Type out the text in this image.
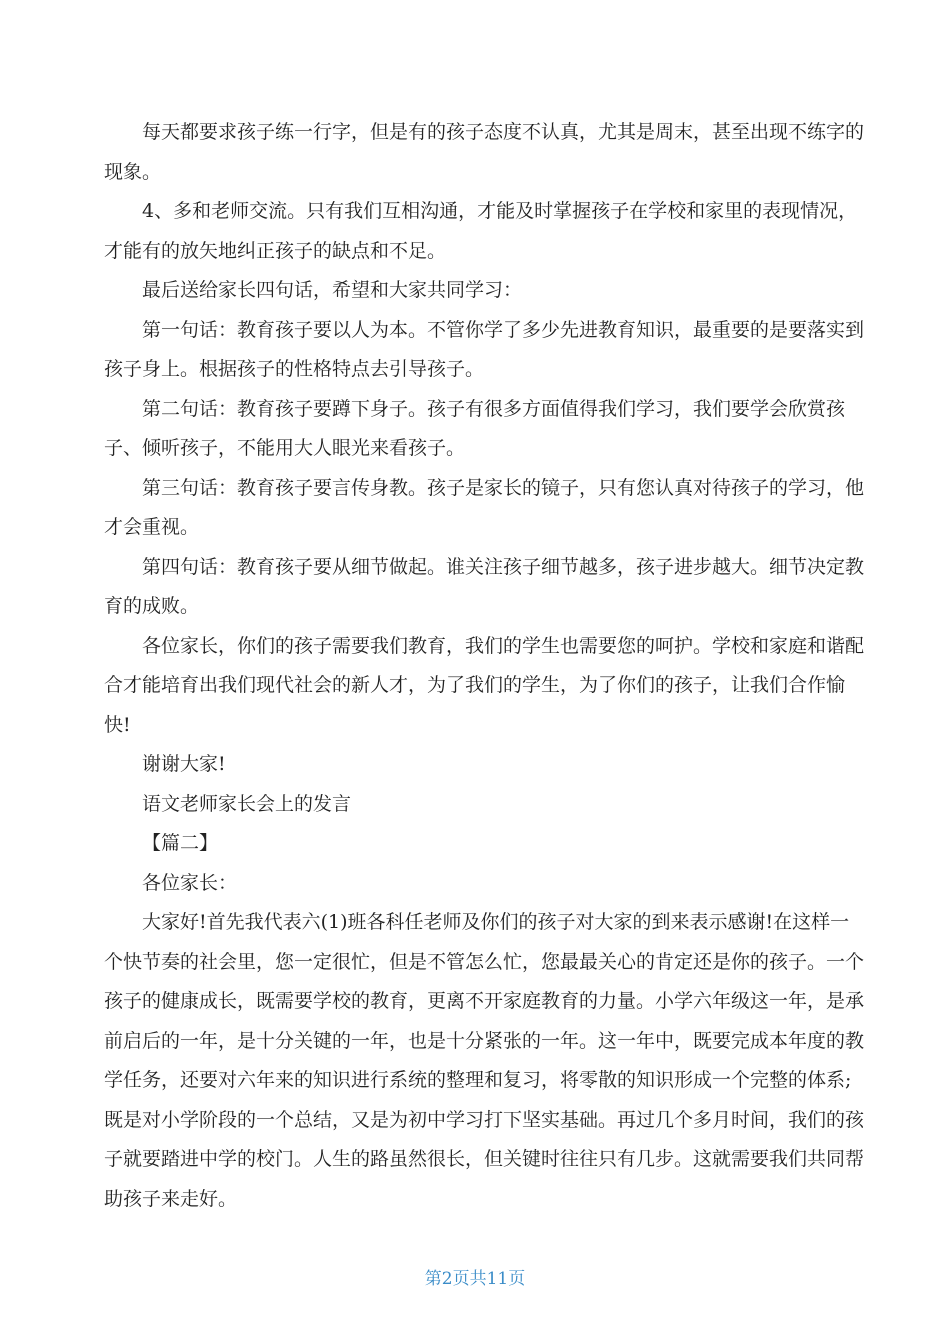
每天都要求孩子练一行字，但是有的孩子态度不认真，尤其是周末，甚至出现不练字的现象。

4、多和老师交流。只有我们互相沟通，才能及时掌握孩子在学校和家里的表现情况，才能有的放矢地纠正孩子的缺点和不足。

最后送给家长四句话，希望和大家共同学习：

第一句话：教育孩子要以人为本。不管你学了多少先进教育知识，最重要的是要落实到孩子身上。根据孩子的性格特点去引导孩子。

第二句话：教育孩子要蹲下身子。孩子有很多方面值得我们学习，我们要学会欣赏孩子、倾听孩子，不能用大人眼光来看孩子。

第三句话：教育孩子要言传身教。孩子是家长的镜子，只有您认真对待孩子的学习，他才会重视。

第四句话：教育孩子要从细节做起。谁关注孩子细节越多，孩子进步越大。细节决定教育的成败。

各位家长，你们的孩子需要我们教育，我们的学生也需要您的呵护。学校和家庭和谐配合才能培育出我们现代社会的新人才，为了我们的学生，为了你们的孩子，让我们合作愉快!

谢谢大家!

语文老师家长会上的发言

【篇二】

各位家长：

大家好!首先我代表六(1)班各科任老师及你们的孩子对大家的到来表示感谢!在这样一个快节奏的社会里，您一定很忙，但是不管怎么忙，您最最关心的肯定还是你的孩子。一个孩子的健康成长，既需要学校的教育，更离不开家庭教育的力量。小学六年级这一年，是承前启后的一年，是十分关键的一年，也是十分紧张的一年。这一年中，既要完成本年度的教学任务，还要对六年来的知识进行系统的整理和复习，将零散的知识形成一个完整的体系;既是对小学阶段的一个总结，又是为初中学习打下坚实基础。再过几个多月时间，我们的孩子就要踏进中学的校门。人生的路虽然很长，但关键时往往只有几步。这就需要我们共同帮助孩子来走好。

第2页共11页
